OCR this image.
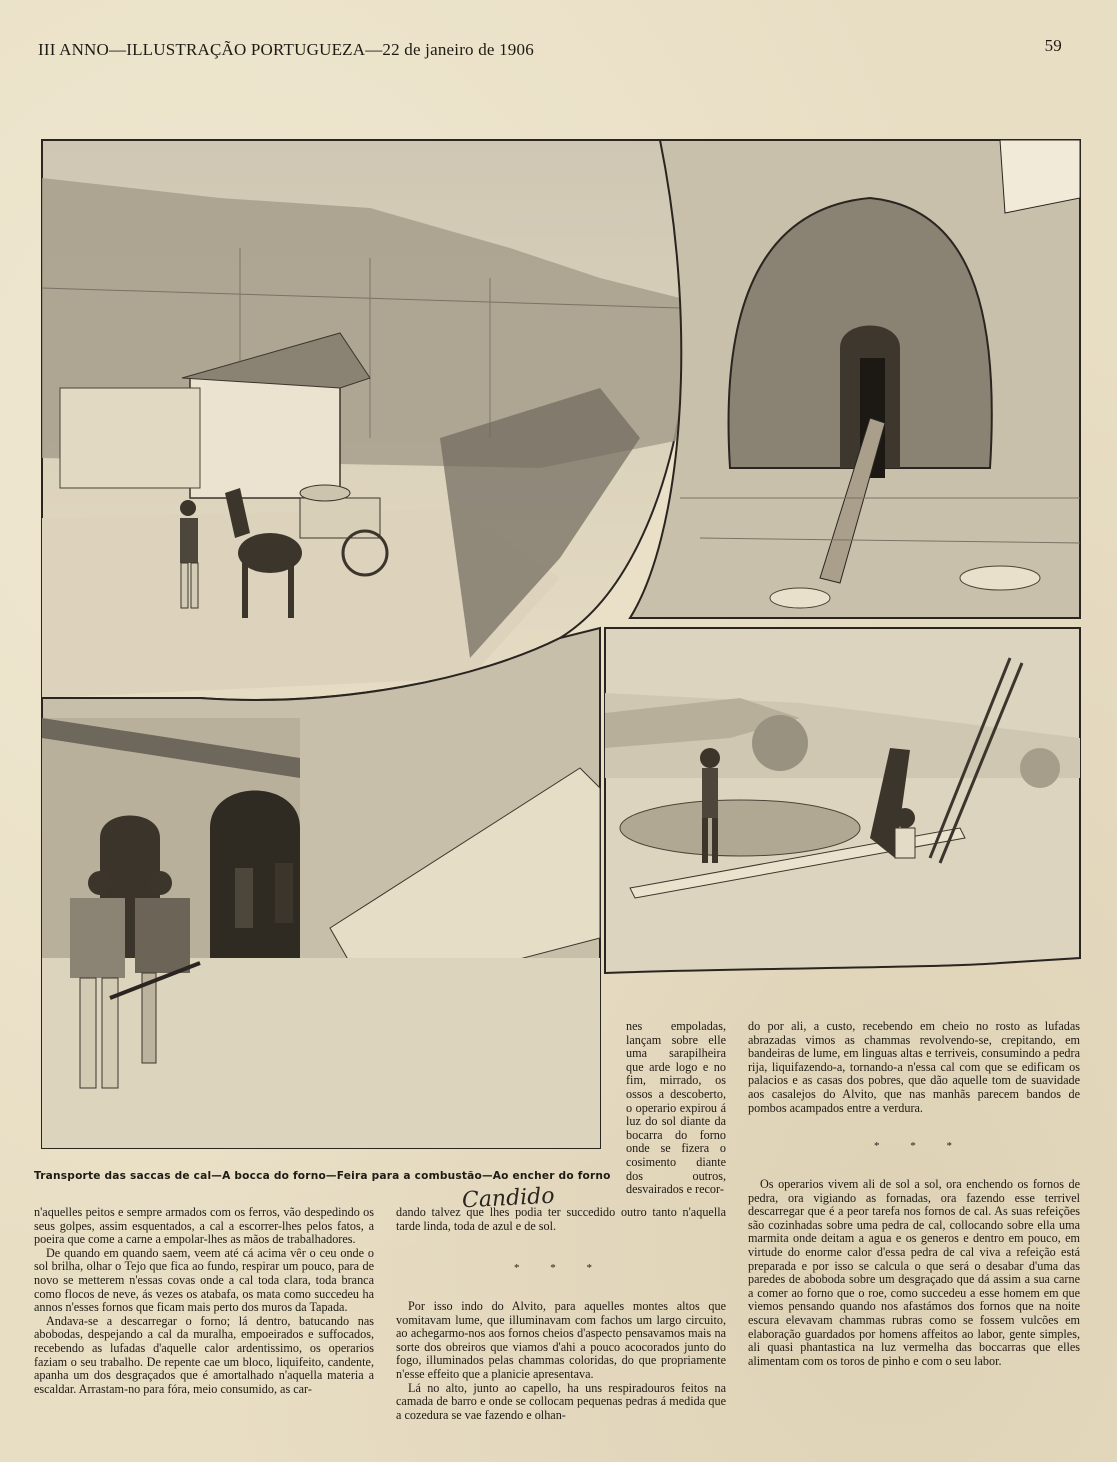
III ANNO—ILLUSTRAÇÃO PORTUGUEZA—22 de janeiro de 1906	59
Candido
Transporte das saccas de cal—A bocca do forno—Feira para a combustão—Ao encher do forno

n'aquelles peitos e sempre armados com os ferros, vão despedindo os seus golpes, assim esquentados, a cal a escorrer-lhes pelos fatos, a poeira que come a carne a empolar-lhes as mãos de trabalhadores.

De quando em quando saem, veem até cá acima vêr o ceu onde o sol brilha, olhar o Tejo que fica ao fundo, respirar um pouco, para de novo se metterem n'essas covas onde a cal toda clara, toda branca como flocos de neve, ás vezes os atabafa, os mata como succedeu ha annos n'esses fornos que ficam mais perto dos muros da Tapada.

Andava-se a descarregar o forno; lá dentro, batucando nas abobodas, despejando a cal da muralha, empoeirados e suffocados, recebendo as lufadas d'aquelle calor ardentissimo, os operarios faziam o seu trabalho. De repente cae um bloco, liquifeito, candente, apanha um dos desgraçados que é amortalhado n'aquella materia a escaldar. Arrastam-no para fóra, meio consumido, as car-

nes empoladas, lançam sobre elle uma sarapilheira que arde logo e no fim, mirrado, os ossos a descoberto, o operario expirou á luz do sol diante da bocarra do forno onde se fizera o cosimento diante dos outros, desvairados e recor-

dando talvez que lhes podia ter succedido outro tanto n'aquella tarde linda, toda de azul e de sol.

* * *

Por isso indo do Alvito, para aquelles montes altos que vomitavam lume, que illuminavam com fachos um largo circuito, ao achegarmo-nos aos fornos cheios d'aspecto pensavamos mais na sorte dos obreiros que viamos d'ahi a pouco acocorados junto do fogo, illuminados pelas chammas coloridas, do que propriamente n'esse effeito que a planicie apresentava.

Lá no alto, junto ao capello, ha uns respiradouros feitos na camada de barro e onde se collocam pequenas pedras á medida que a cozedura se vae fazendo e olhan-

do por ali, a custo, recebendo em cheio no rosto as lufadas abrazadas vimos as chammas revolvendo-se, crepitando, em bandeiras de lume, em linguas altas e terriveis, consumindo a pedra rija, liquifazendo-a, tornando-a n'essa cal com que se edificam os palacios e as casas dos pobres, que dão aquelle tom de suavidade aos casalejos do Alvito, que nas manhãs parecem bandos de pombos acampados entre a verdura.

* * *

Os operarios vivem ali de sol a sol, ora enchendo os fornos de pedra, ora vigiando as fornadas, ora fazendo esse terrivel descarregar que é a peor tarefa nos fornos de cal. As suas refeições são cozinhadas sobre uma pedra de cal, collocando sobre ella uma marmita onde deitam a agua e os generos e dentro em pouco, em virtude do enorme calor d'essa pedra de cal viva a refeição está preparada e por isso se calcula o que será o desabar d'uma das paredes de aboboda sobre um desgraçado que dá assim a sua carne a comer ao forno que o roe, como succedeu a esse homem em que viemos pensando quando nos afastámos dos fornos que na noite escura elevavam chammas rubras como se fossem vulcões em elaboração guardados por homens affeitos ao labor, gente simples, ali quasi phantastica na luz vermelha das boccarras que elles alimentam com os toros de pinho e com o seu labor.
